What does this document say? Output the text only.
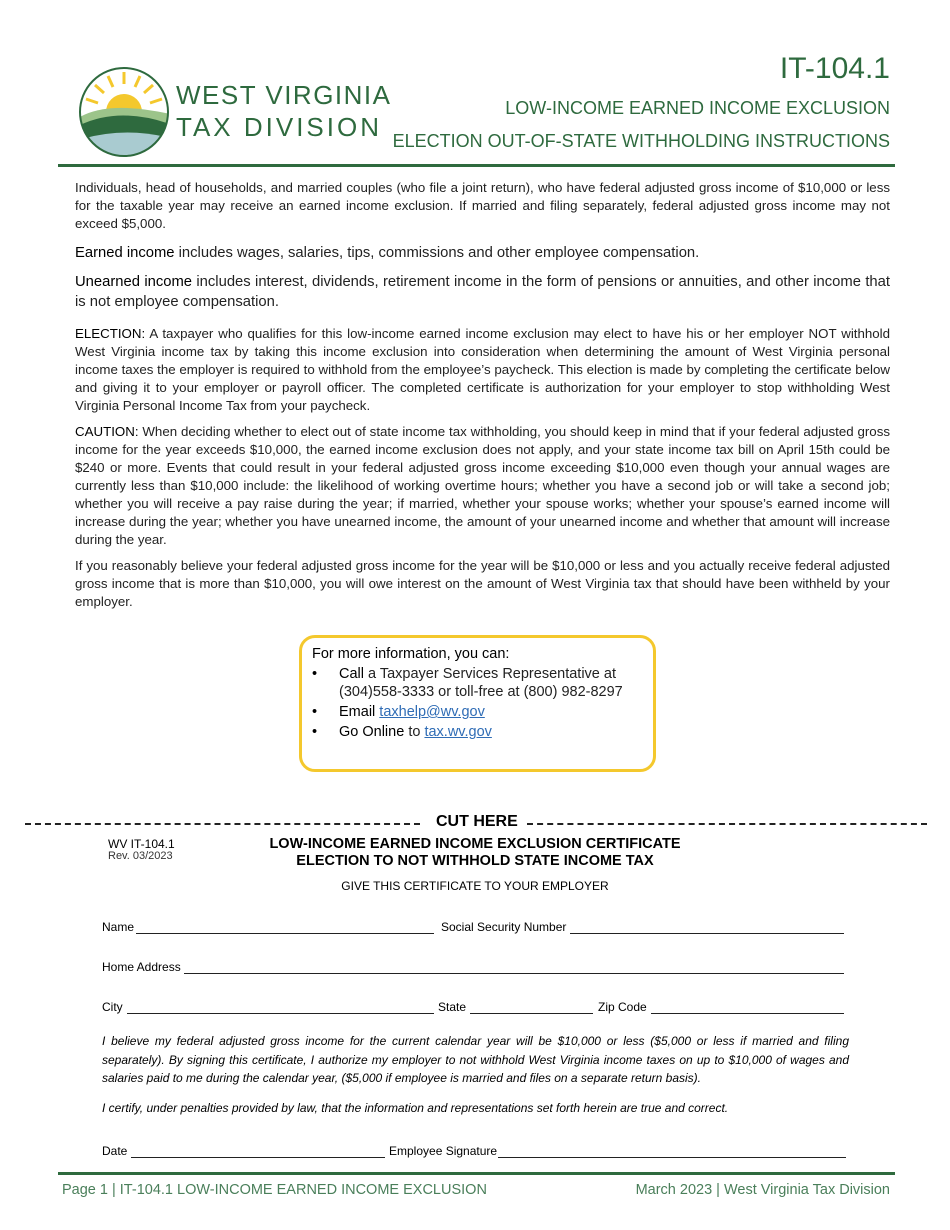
WEST VIRGINIA
TAX DIVISION
IT-104.1
LOW-INCOME EARNED INCOME EXCLUSION
ELECTION OUT-OF-STATE WITHHOLDING INSTRUCTIONS
Individuals, head of households, and married couples (who file a joint return), who have federal adjusted gross income of $10,000 or less for the taxable year may receive an earned income exclusion. If married and filing separately, federal adjusted gross income may not exceed $5,000.
Earned income includes wages, salaries, tips, commissions and other employee compensation.
Unearned income includes interest, dividends, retirement income in the form of pensions or annuities, and other income that is not employee compensation.
ELECTION: A taxpayer who qualifies for this low-income earned income exclusion may elect to have his or her employer NOT withhold West Virginia income tax by taking this income exclusion into consideration when determining the amount of West Virginia personal income taxes the employer is required to withhold from the employee’s paycheck. This election is made by completing the certificate below and giving it to your employer or payroll officer. The completed certificate is authorization for your employer to stop withholding West Virginia Personal Income Tax from your paycheck.
CAUTION: When deciding whether to elect out of state income tax withholding, you should keep in mind that if your federal adjusted gross income for the year exceeds $10,000, the earned income exclusion does not apply, and your state income tax bill on April 15th could be $240 or more. Events that could result in your federal adjusted gross income exceeding $10,000 even though your annual wages are currently less than $10,000 include: the likelihood of working overtime hours; whether you have a second job or will take a second job; whether you will receive a pay raise during the year; if married, whether your spouse works; whether your spouse’s earned income will increase during the year; whether you have unearned income, the amount of your unearned income and whether that amount will increase during the year.
If you reasonably believe your federal adjusted gross income for the year will be $10,000 or less and you actually receive federal adjusted gross income that is more than $10,000, you will owe interest on the amount of West Virginia tax that should have been withheld by your employer.
For more information, you can:
•	Call a Taxpayer Services Representative at
(304)558-3333 or toll-free at (800) 982-8297
•	Email taxhelp@wv.gov
•	Go Online to tax.wv.gov
CUT HERE
WV IT-104.1
Rev. 03/2023
LOW-INCOME EARNED INCOME EXCLUSION CERTIFICATE
ELECTION TO NOT WITHHOLD STATE INCOME TAX
GIVE THIS CERTIFICATE TO YOUR EMPLOYER
Name	Social Security Number
Home Address
City	State	Zip Code
I believe my federal adjusted gross income for the current calendar year will be $10,000 or less ($5,000 or less if married and filing separately). By signing this certificate, I authorize my employer to not withhold West Virginia income taxes on up to $10,000 of wages and salaries paid to me during the calendar year, ($5,000 if employee is married and files on a separate return basis).
I certify, under penalties provided by law, that the information and representations set forth herein are true and correct.
Date	Employee Signature
Page 1 | IT-104.1 LOW-INCOME EARNED INCOME EXCLUSION	March 2023 | West Virginia Tax Division
